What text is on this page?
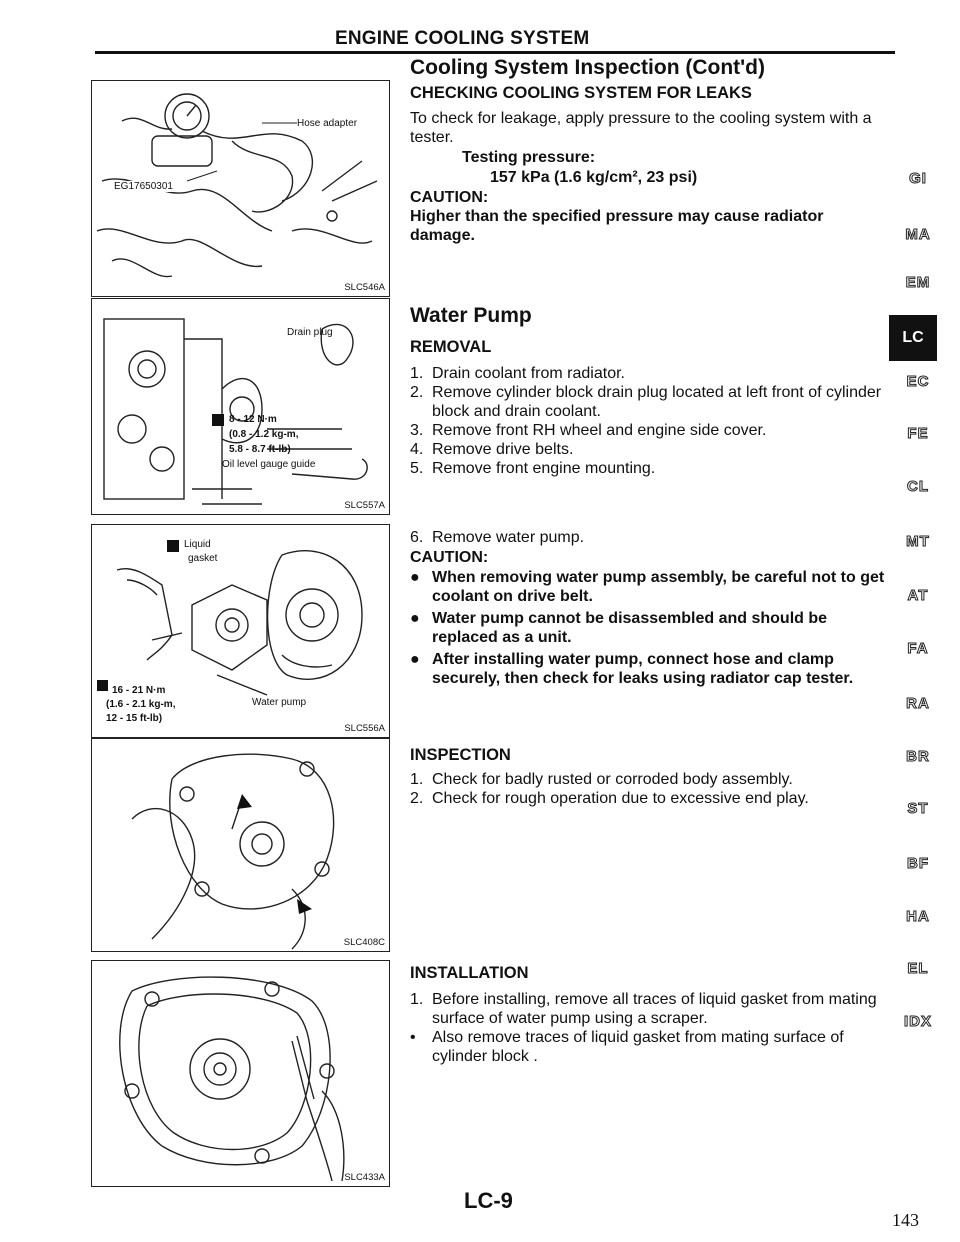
ENGINE COOLING SYSTEM
Cooling System Inspection (Cont'd)
CHECKING COOLING SYSTEM FOR LEAKS
To check for leakage, apply pressure to the cooling system with a tester.
Testing pressure:
157 kPa (1.6 kg/cm², 23 psi)
CAUTION:
Higher than the specified pressure may cause radiator damage.
Water Pump
REMOVAL
1. Drain coolant from radiator.
2. Remove cylinder block drain plug located at left front of cylinder block and drain coolant.
3. Remove front RH wheel and engine side cover.
4. Remove drive belts.
5. Remove front engine mounting.
6. Remove water pump.
CAUTION:
● When removing water pump assembly, be careful not to get coolant on drive belt.
● Water pump cannot be disassembled and should be replaced as a unit.
● After installing water pump, connect hose and clamp securely, then check for leaks using radiator cap tester.
INSPECTION
1. Check for badly rusted or corroded body assembly.
2. Check for rough operation due to excessive end play.
INSTALLATION
1. Before installing, remove all traces of liquid gasket from mating surface of water pump using a scraper.
• Also remove traces of liquid gasket from mating surface of cylinder block .
Hose adapter
EG17650301
SLC546A
Drain plug
8 - 12 N·m
(0.8 - 1.2 kg-m,
5.8 - 8.7 ft-lb)
Oil level gauge guide
SLC557A
Liquid
gasket
16 - 21 N·m
(1.6 - 2.1 kg-m,
12 - 15 ft-lb)
Water pump
SLC556A
SLC408C
SLC433A
GI
MA
EM
LC
EC
FE
CL
MT
AT
FA
RA
BR
ST
BF
HA
EL
IDX
LC-9
143
